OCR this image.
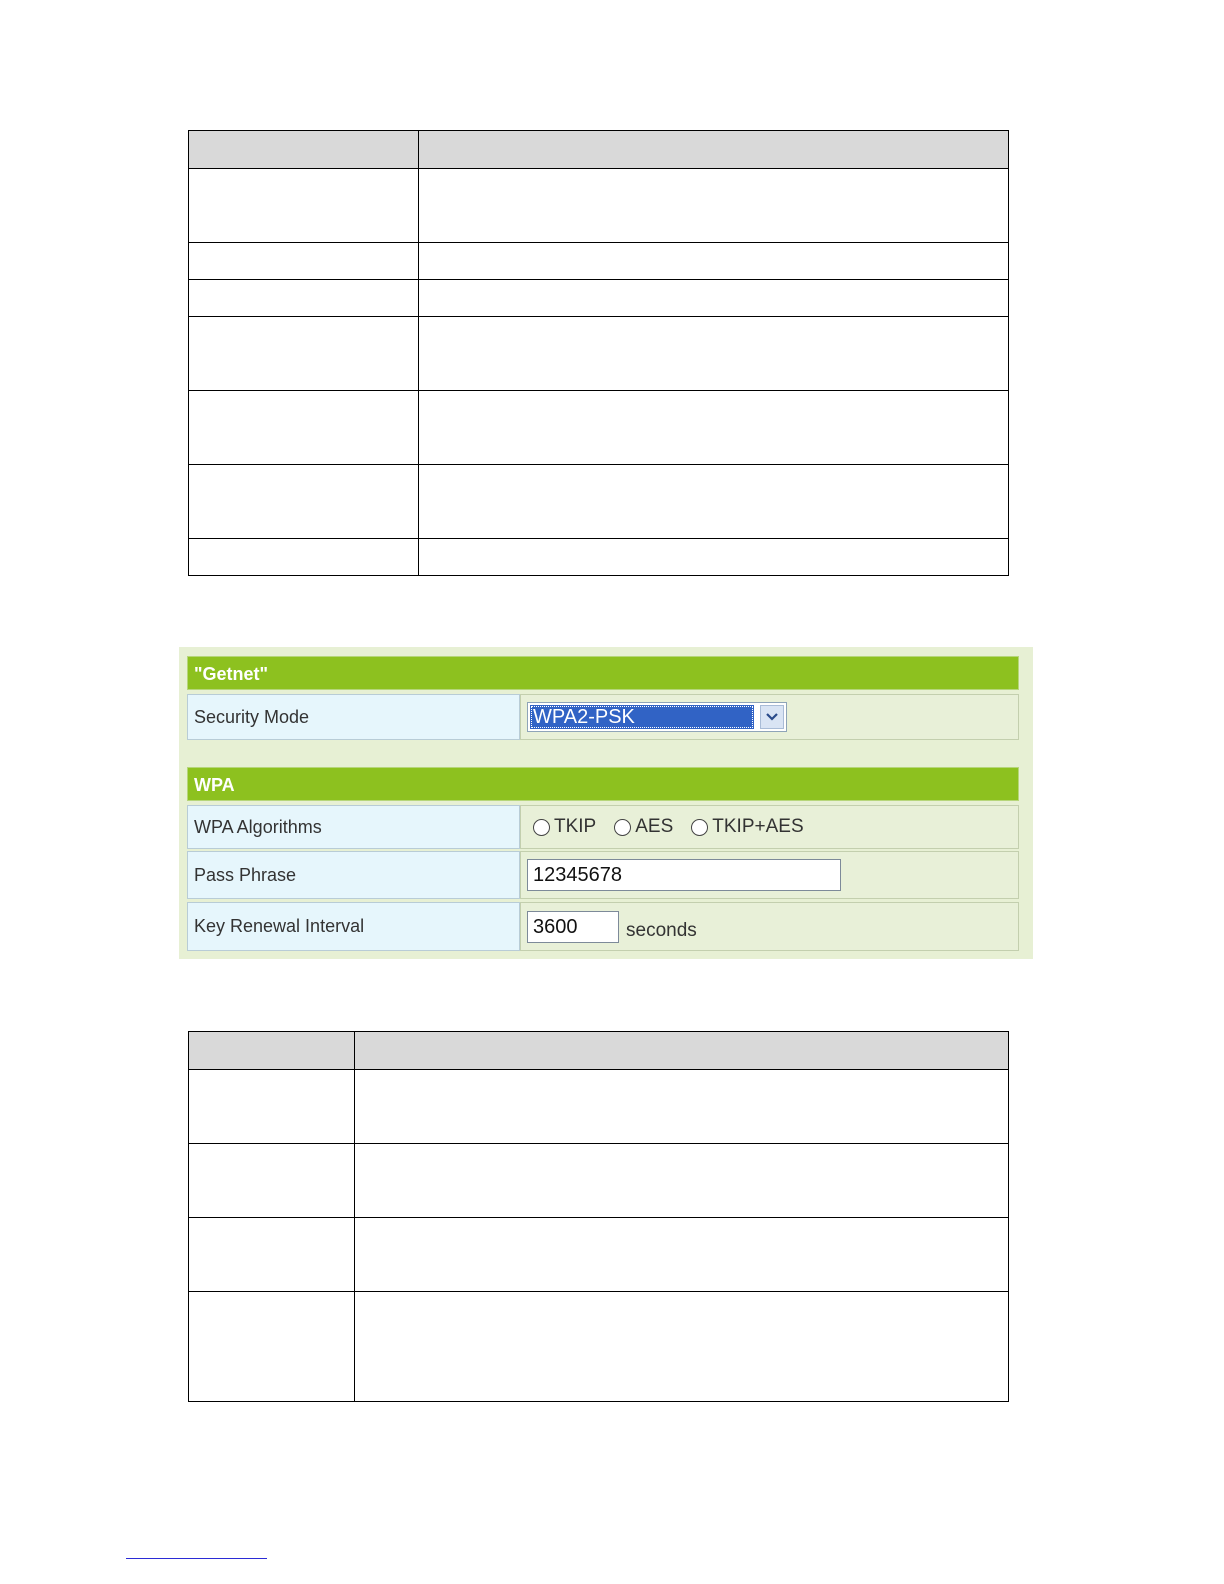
"Getnet"
Security Mode	WPA2-PSK
WPA
WPA Algorithms	TKIP AES TKIP+AES
Pass Phrase	12345678
Key Renewal Interval	3600	seconds
